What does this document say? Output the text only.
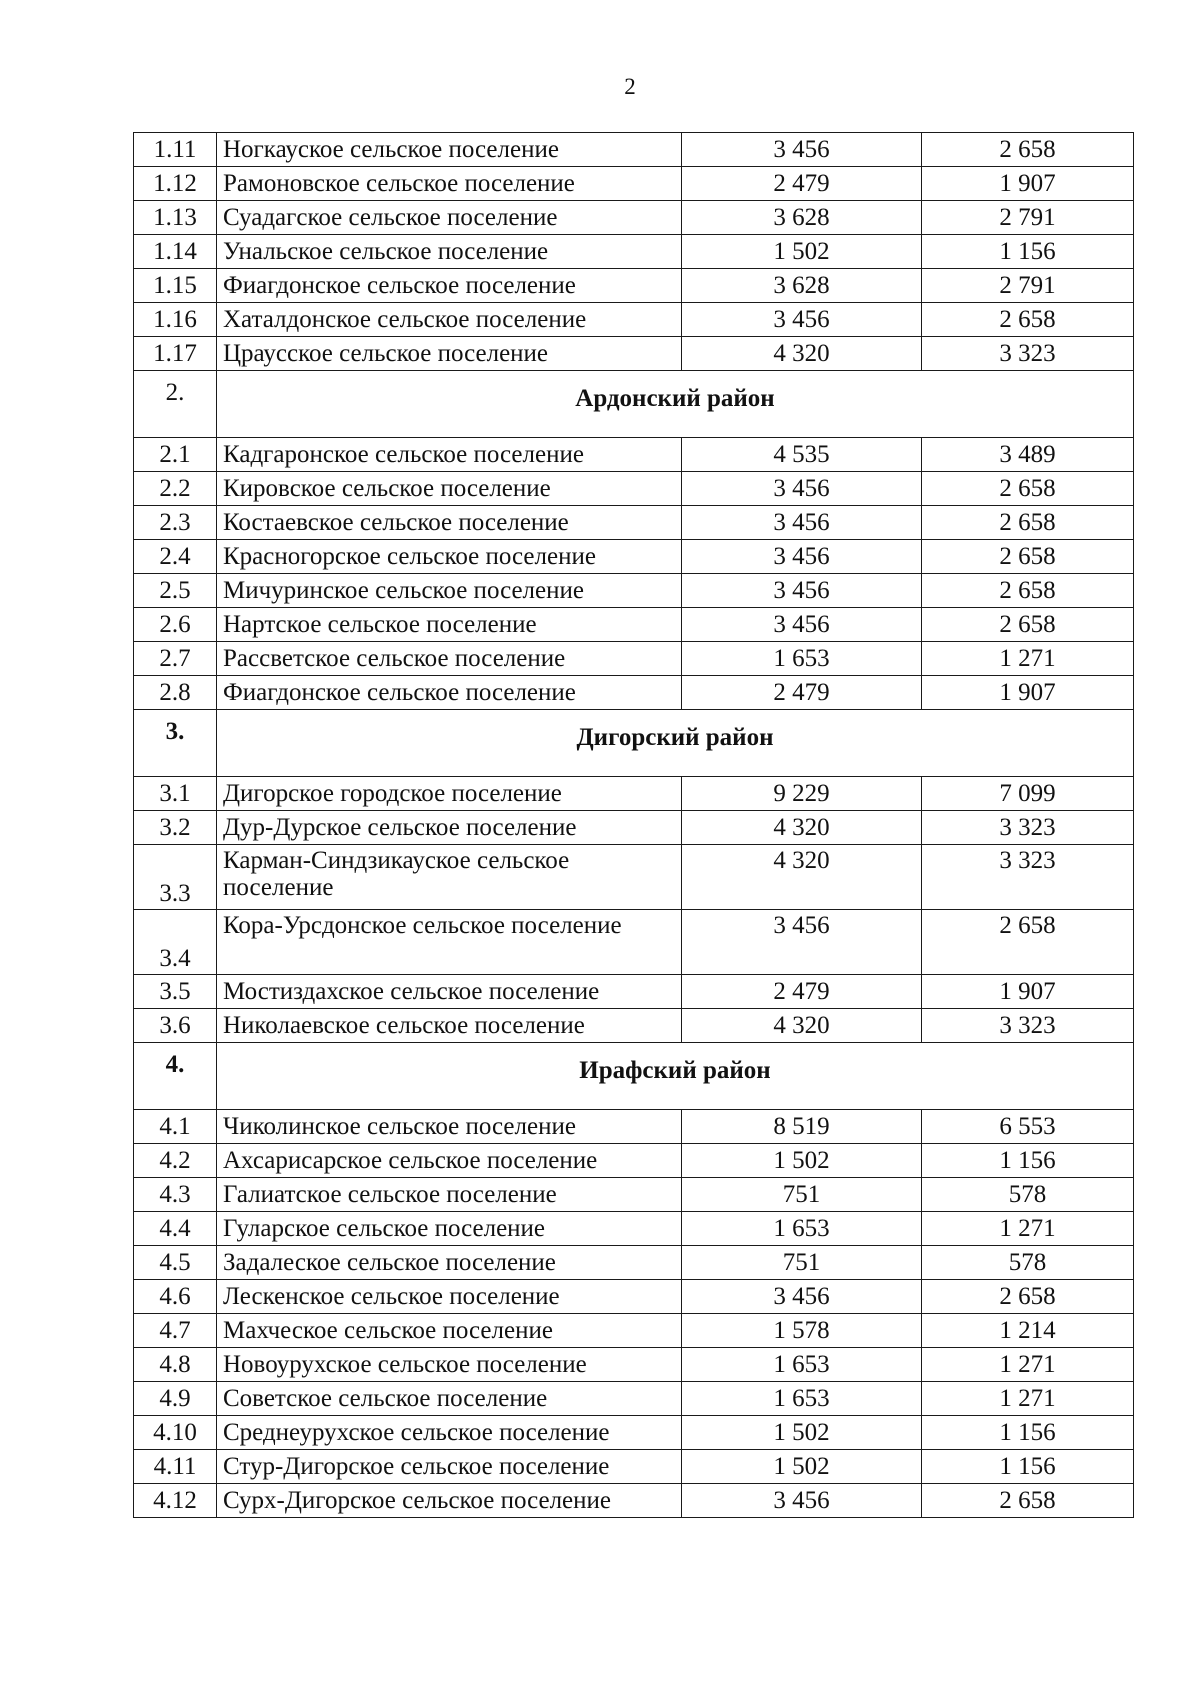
2
1.11	Ногкауское сельское поселение	3 456	2 658
1.12	Рамоновское сельское поселение	2 479	1 907
1.13	Суадагское сельское поселение	3 628	2 791
1.14	Унальское сельское поселение	1 502	1 156
1.15	Фиагдонское сельское поселение	3 628	2 791
1.16	Хаталдонское сельское поселение	3 456	2 658
1.17	Цраусское сельское поселение	4 320	3 323
2.	Ардонский район		
2.1	Кадгаронское сельское поселение	4 535	3 489
2.2	Кировское сельское поселение	3 456	2 658
2.3	Костаевское сельское поселение	3 456	2 658
2.4	Красногорское сельское поселение	3 456	2 658
2.5	Мичуринское сельское поселение	3 456	2 658
2.6	Нартское сельское поселение	3 456	2 658
2.7	Рассветское сельское поселение	1 653	1 271
2.8	Фиагдонское сельское поселение	2 479	1 907
3.	Дигорский район		
3.1	Дигорское городское поселение	9 229	7 099
3.2	Дур-Дурское сельское поселение	4 320	3 323
3.3	Карман-Синдзикауское сельское поселение	4 320	3 323
3.4	Кора-Урсдонское сельское поселение	3 456	2 658
3.5	Мостиздахское сельское поселение	2 479	1 907
3.6	Николаевское сельское поселение	4 320	3 323
4.	Ирафский район		
4.1	Чиколинское сельское поселение	8 519	6 553
4.2	Ахсарисарское сельское поселение	1 502	1 156
4.3	Галиатское сельское поселение	751	578
4.4	Гуларское сельское поселение	1 653	1 271
4.5	Задалеское сельское поселение	751	578
4.6	Лескенское сельское поселение	3 456	2 658
4.7	Махческое сельское поселение	1 578	1 214
4.8	Новоурухское сельское поселение	1 653	1 271
4.9	Советское сельское поселение	1 653	1 271
4.10	Среднеурухское сельское поселение	1 502	1 156
4.11	Стур-Дигорское сельское поселение	1 502	1 156
4.12	Сурх-Дигорское сельское поселение	3 456	2 658
